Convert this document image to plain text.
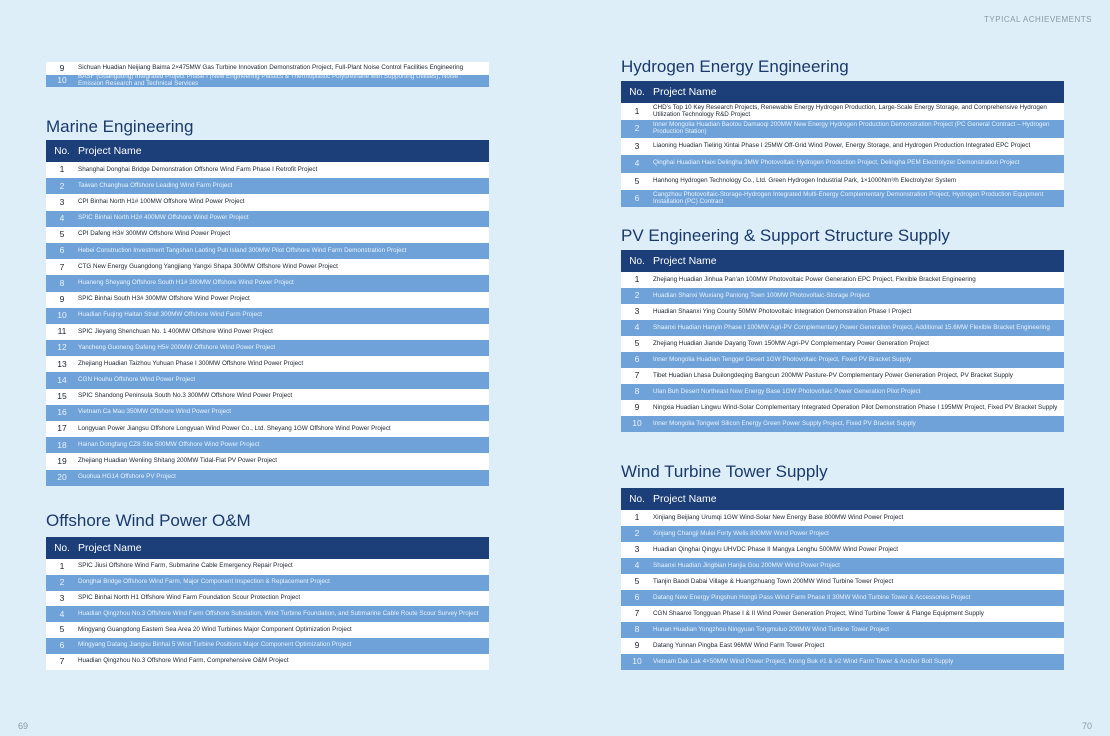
TYPICAL ACHIEVEMENTS
9	Sichuan Huadian Neijiang Baima 2×475MW Gas Turbine Innovation Demonstration Project, Full-Plant Noise Control Facilities Engineering
10	BASF (Guangdong) Integrated Project Phase I (New Engineering Plastics & Thermoplastic Polyurethane with Supporting Utilities), Noise Emission Research and Technical Services
Marine Engineering
No. Project Name
1	Shanghai Donghai Bridge Demonstration Offshore Wind Farm Phase I Retrofit Project
2	Taiwan Changhua Offshore Leading Wind Farm Project
3	CPI Binhai North H1# 100MW Offshore Wind Power Project
4	SPIC Binhai North H2# 400MW Offshore Wind Power Project
5	CPI Dafeng H3# 300MW Offshore Wind Power Project
6	Hebei Construction Investment Tangshan Laoting Puti Island 300MW Pilot Offshore Wind Farm Demonstration Project
7	CTG New Energy Guangdong Yangjiang Yangxi Shapa 300MW Offshore Wind Power Project
8	Huaneng Sheyang Offshore South H1# 300MW Offshore Wind Power Project
9	SPIC Binhai South H3# 300MW Offshore Wind Power Project
10	Huadian Fuqing Haitan Strait 300MW Offshore Wind Farm Project
11	SPIC Jieyang Shenchuan No. 1 400MW Offshore Wind Power Project
12	Yancheng Guoneng Dafeng H5# 200MW Offshore Wind Power Project
13	Zhejiang Huadian Taizhou Yuhuan Phase I 300MW Offshore Wind Power Project
14	CGN Houhu Offshore Wind Power Project
15	SPIC Shandong Peninsula South No.3 300MW Offshore Wind Power Project
16	Vietnam Ca Mau 350MW Offshore Wind Power Project
17	Longyuan Power Jiangsu Offshore Longyuan Wind Power Co., Ltd. Sheyang 1GW Offshore Wind Power Project
18	Hainan Dongfang CZ8 Site 500MW Offshore Wind Power Project
19	Zhejiang Huadian Wenling Shitang 200MW Tidal-Flat PV Power Project
20	Guohua HG14 Offshore PV Project
Offshore Wind Power O&M
No. Project Name
1	SPIC Jiusi Offshore Wind Farm, Submarine Cable Emergency Repair Project
2	Donghai Bridge Offshore Wind Farm, Major Component Inspection & Replacement Project
3	SPIC Binhai North H1 Offshore Wind Farm Foundation Scour Protection Project
4	Huadian Qingzhou No.3 Offshore Wind Farm Offshore Substation, Wind Turbine Foundation, and Submarine Cable Route Scour Survey Project
5	Mingyang Guangdong Eastern Sea Area 20 Wind Turbines Major Component Optimization Project
6	Mingyang Datang Jiangsu Binhai 5 Wind Turbine Positions Major Component Optimization Project
7	Huadian Qingzhou No.3 Offshore Wind Farm, Comprehensive O&M Project
Hydrogen Energy Engineering
No. Project Name
1	CHD’s Top 10 Key Research Projects, Renewable Energy Hydrogen Production, Large-Scale Energy Storage, and Comprehensive Hydrogen Utilization Technology R&D Project
2	Inner Mongolia Huadian Baotou Damaoqi 200MW New Energy Hydrogen Production Demonstration Project (PC General Contract – Hydrogen Production Station)
3	Liaoning Huadian Tieling Xintai Phase I 25MW Off-Grid Wind Power, Energy Storage, and Hydrogen Production Integrated EPC Project
4	Qinghai Huadian Haixi Delingha 3MW Photovoltaic Hydrogen Production Project, Delingha PEM Electrolyzer Demonstration Project
5	Hanhong Hydrogen Technology Co., Ltd. Green Hydrogen Industrial Park, 1×1000Nm³/h Electrolyzer System
6	Cangzhou Photovoltaic-Storage-Hydrogen Integrated Multi-Energy Complementary Demonstration Project, Hydrogen Production Equipment Installation (PC) Contract
PV Engineering & Support Structure Supply
No. Project Name
1	Zhejiang Huadian Jinhua Pan’an 100MW Photovoltaic Power Generation EPC Project, Flexible Bracket Engineering
2	Huadian Shanxi Wuxiang Panlong Town 100MW Photovoltaic-Storage Project
3	Huadian Shaanxi Ying County 50MW Photovoltaic Integration Demonstration Phase I Project
4	Shaanxi Huadian Hanyin Phase I 100MW Agri-PV Complementary Power Generation Project, Additional 15.6MW Flexible Bracket Engineering
5	Zhejiang Huadian Jiande Dayang Town 150MW Agri-PV Complementary Power Generation Project
6	Inner Mongolia Huadian Tengger Desert 1GW Photovoltaic Project, Fixed PV Bracket Supply
7	Tibet Huadian Lhasa Duilongdeqing Bangcun 200MW Pasture-PV Complementary Power Generation Project, PV Bracket Supply
8	Ulan Buh Desert Northeast New Energy Base 1GW Photovoltaic Power Generation Pilot Project
9	Ningxia Huadian Lingwu Wind-Solar Complementary Integrated Operation Pilot Demonstration Phase I 195MW Project, Fixed PV Bracket Supply
10	Inner Mongolia Tongwei Silicon Energy Green Power Supply Project, Fixed PV Bracket Supply
Wind Turbine Tower Supply
No. Project Name
1	Xinjiang Beijiang Urumqi 1GW Wind-Solar New Energy Base 800MW Wind Power Project
2	Xinjiang Changji Mulei Forty Wells 800MW Wind Power Project
3	Huadian Qinghai Qingyu UHVDC Phase II Mangya Lenghu 500MW Wind Power Project
4	Shaanxi Huadian Jingbian Hanjia Gou 200MW Wind Power Project
5	Tianjin Baodi Dabai Village & Huangzhuang Town 200MW Wind Turbine Tower Project
6	Datang New Energy Pingshun Hongti Pass Wind Farm Phase II 30MW Wind Turbine Tower & Accessories Project
7	CGN Shaanxi Tongguan Phase I & II Wind Power Generation Project, Wind Turbine Tower & Flange Equipment Supply
8	Hunan Huadian Yongzhou Ningyuan Tongmuluo 200MW Wind Turbine Tower Project
9	Datang Yunnan Pingba East 96MW Wind Farm Tower Project
10	Vietnam Dak Lak 4×50MW Wind Power Project, Krong Buk #1 & #2 Wind Farm Tower & Anchor Bolt Supply
69	70
